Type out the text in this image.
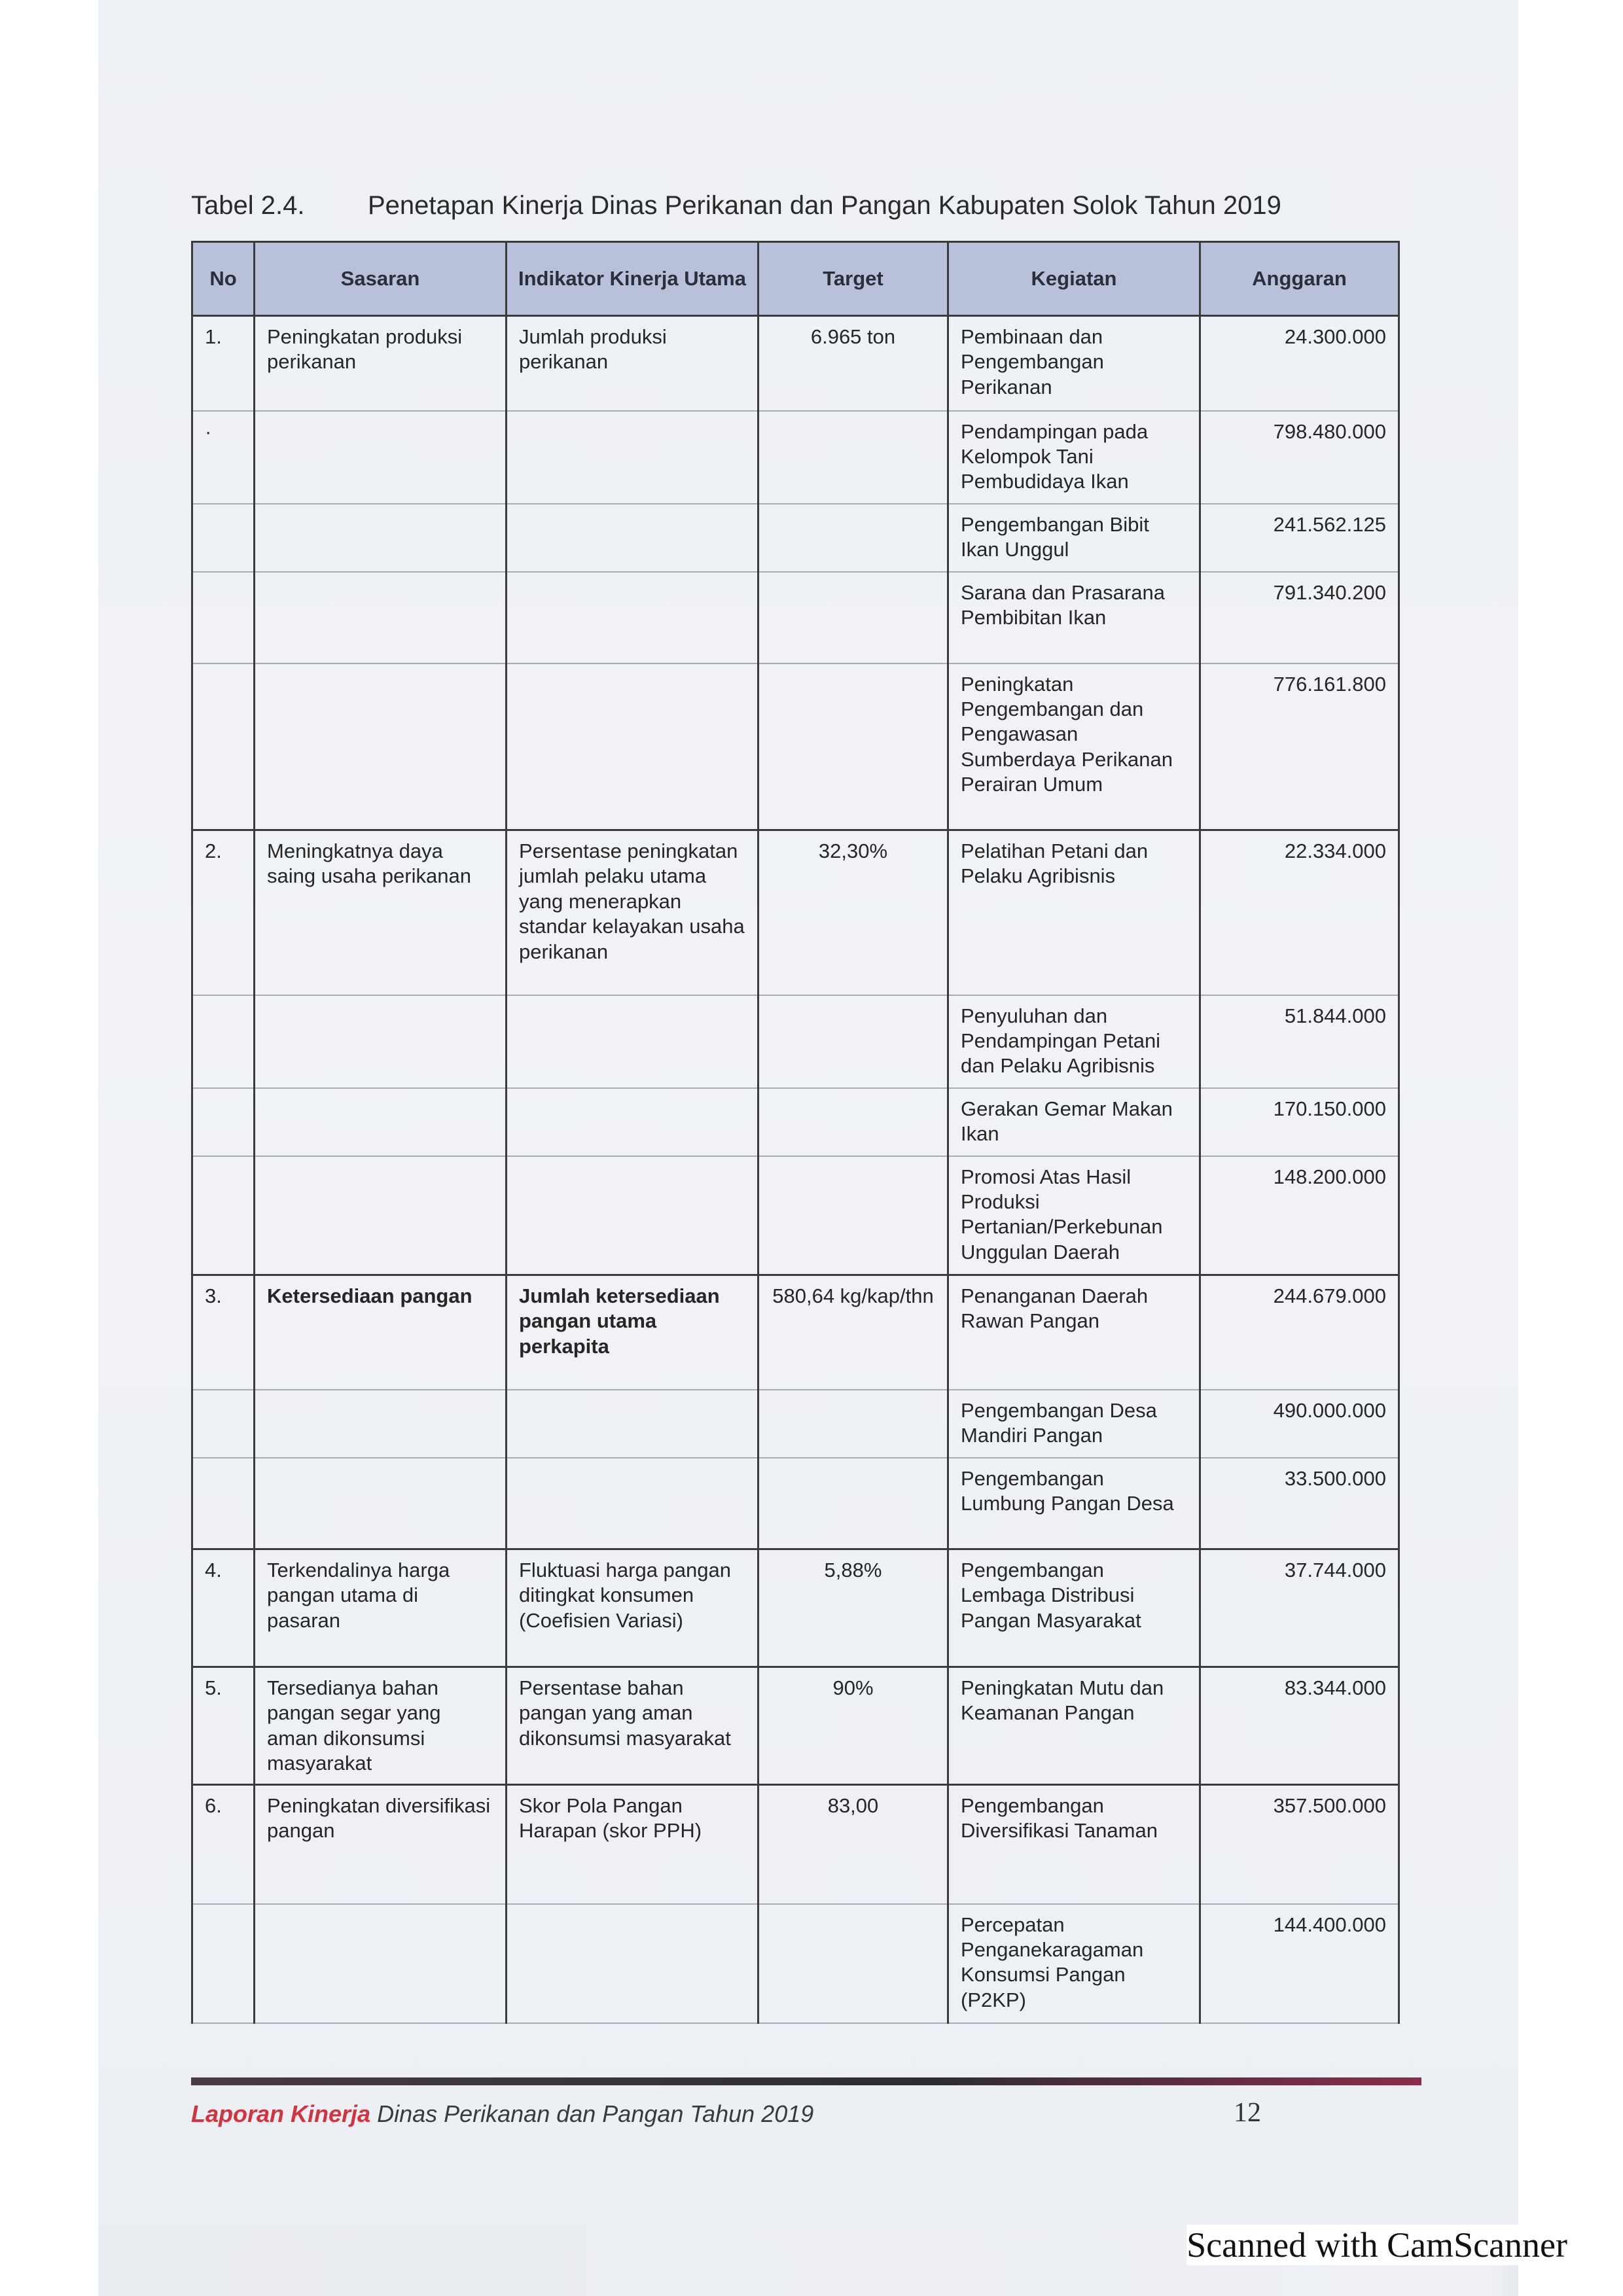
Tabel 2.4. Penetapan Kinerja Dinas Perikanan dan Pangan Kabupaten Solok Tahun 2019
No	Sasaran	Indikator Kinerja Utama	Target	Kegiatan	Anggaran
1.	Peningkatan produksi perikanan	Jumlah produksi perikanan	6.965 ton	Pembinaan dan Pengembangan Perikanan	24.300.000
·				Pendampingan pada Kelompok Tani Pembudidaya Ikan	798.480.000
				Pengembangan Bibit Ikan Unggul	241.562.125
				Sarana dan Prasarana Pembibitan Ikan	791.340.200
				Peningkatan Pengembangan dan Pengawasan Sumberdaya Perikanan Perairan Umum	776.161.800
2.	Meningkatnya daya saing usaha perikanan	Persentase peningkatan jumlah pelaku utama yang menerapkan standar kelayakan usaha perikanan	32,30%	Pelatihan Petani dan Pelaku Agribisnis	22.334.000
				Penyuluhan dan Pendampingan Petani dan Pelaku Agribisnis	51.844.000
				Gerakan Gemar Makan Ikan	170.150.000
				Promosi Atas Hasil Produksi Pertanian/Perkebunan Unggulan Daerah	148.200.000
3.	Ketersediaan pangan	Jumlah ketersediaan pangan utama perkapita	580,64 kg/kap/thn	Penanganan Daerah Rawan Pangan	244.679.000
				Pengembangan Desa Mandiri Pangan	490.000.000
				Pengembangan Lumbung Pangan Desa	33.500.000
4.	Terkendalinya harga pangan utama di pasaran	Fluktuasi harga pangan ditingkat konsumen (Coefisien Variasi)	5,88%	Pengembangan Lembaga Distribusi Pangan Masyarakat	37.744.000
5.	Tersedianya bahan pangan segar yang aman dikonsumsi masyarakat	Persentase bahan pangan yang aman dikonsumsi masyarakat	90%	Peningkatan Mutu dan Keamanan Pangan	83.344.000
6.	Peningkatan diversifikasi pangan	Skor Pola Pangan Harapan (skor PPH)	83,00	Pengembangan Diversifikasi Tanaman	357.500.000
				Percepatan Penganekaragaman Konsumsi Pangan (P2KP)	144.400.000
Laporan Kinerja Dinas Perikanan dan Pangan Tahun 2019	12
Scanned with CamScanner
